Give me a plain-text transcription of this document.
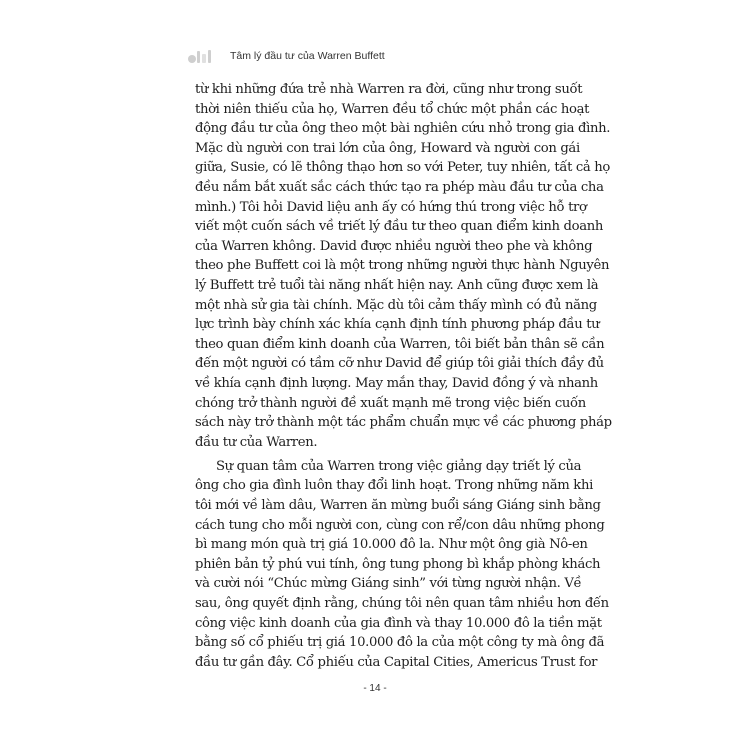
Tâm lý đầu tư của Warren Buffett
từ khi những đứa trẻ nhà Warren ra đời, cũng như trong suốt
thời niên thiếu của họ, Warren đều tổ chức một phần các hoạt
động đầu tư của ông theo một bài nghiên cứu nhỏ trong gia đình.
Mặc dù người con trai lớn của ông, Howard và người con gái
giữa, Susie, có lẽ thông thạo hơn so với Peter, tuy nhiên, tất cả họ
đều nắm bắt xuất sắc cách thức tạo ra phép màu đầu tư của cha
mình.) Tôi hỏi David liệu anh ấy có hứng thú trong việc hỗ trợ
viết một cuốn sách về triết lý đầu tư theo quan điểm kinh doanh
của Warren không. David được nhiều người theo phe và không
theo phe Buffett coi là một trong những người thực hành Nguyên
lý Buffett trẻ tuổi tài năng nhất hiện nay. Anh cũng được xem là
một nhà sử gia tài chính. Mặc dù tôi cảm thấy mình có đủ năng
lực trình bày chính xác khía cạnh định tính phương pháp đầu tư
theo quan điểm kinh doanh của Warren, tôi biết bản thân sẽ cần
đến một người có tầm cỡ như David để giúp tôi giải thích đầy đủ
về khía cạnh định lượng. May mắn thay, David đồng ý và nhanh
chóng trở thành người đề xuất mạnh mẽ trong việc biến cuốn
sách này trở thành một tác phẩm chuẩn mực về các phương pháp
đầu tư của Warren.
Sự quan tâm của Warren trong việc giảng dạy triết lý của
ông cho gia đình luôn thay đổi linh hoạt. Trong những năm khi
tôi mới về làm dâu, Warren ăn mừng buổi sáng Giáng sinh bằng
cách tung cho mỗi người con, cùng con rể/con dâu những phong
bì mang món quà trị giá 10.000 đô la. Như một ông già Nô-en
phiên bản tỷ phú vui tính, ông tung phong bì khắp phòng khách
và cười nói “Chúc mừng Giáng sinh” với từng người nhận. Về
sau, ông quyết định rằng, chúng tôi nên quan tâm nhiều hơn đến
công việc kinh doanh của gia đình và thay 10.000 đô la tiền mặt
bằng số cổ phiếu trị giá 10.000 đô la của một công ty mà ông đã
đầu tư gần đây. Cổ phiếu của Capital Cities, Americus Trust for
- 14 -
